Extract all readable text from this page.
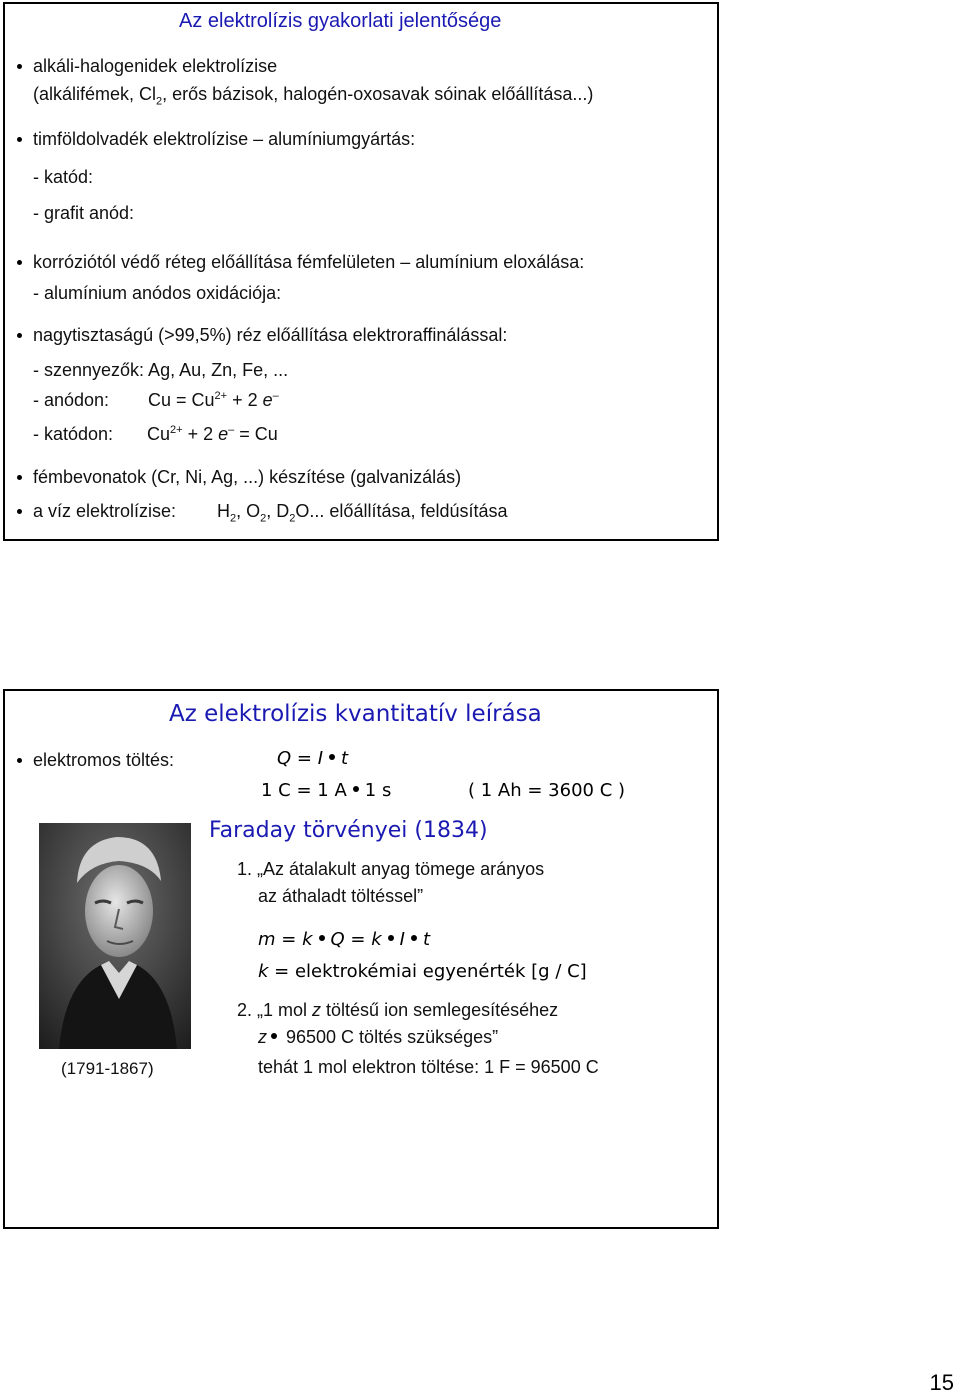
Az elektrolízis gyakorlati jelentősége
alkáli-halogenidek elektrolízise
(alkálifémek, $Cl_2$, erős bázisok, halogén-oxosavak sóinak előállítása...)
timföldolvadék elektrolízise – alumíniumgyártás:
- katód:
- grafit anód:
korróziótól védő réteg előállítása fémfelületen – alumínium eloxálása:
- alumínium anódos oxidációja:
nagytisztaságú (>99,5%) réz előállítása elektroraffinálással:
- szennyezők: Ag, Au, Zn, Fe, ...
- anódon: $Cu = Cu^{2+} + 2$ e–
- katódon: $Cu^{2+} + 2$ e– = Cu
fémbevonatok (Cr, Ni, Ag, ...) készítése (galvanizálás)
a víz elektrolízise: $H_2$, $O_2$, $D_2O$... előállítása, feldúsítása
Az elektrolízis kvantitatív leírása
elektromos töltés:	Q = I t
1 C = 1 A 1 s	( 1 Ah = 3600 C )
Faraday törvényei (1834)
(1791-1867)
1. „Az átalakult anyag tömege arányos
az áthaladt töltéssel”
m = k Q = k I t
k = elektrokémiai egyenérték [g / C]
2. „1 mol z töltésű ion semlegesítéséhez
z 96500 C töltés szükséges”
tehát 1 mol elektron töltése: 1 F = 96500 C
15
